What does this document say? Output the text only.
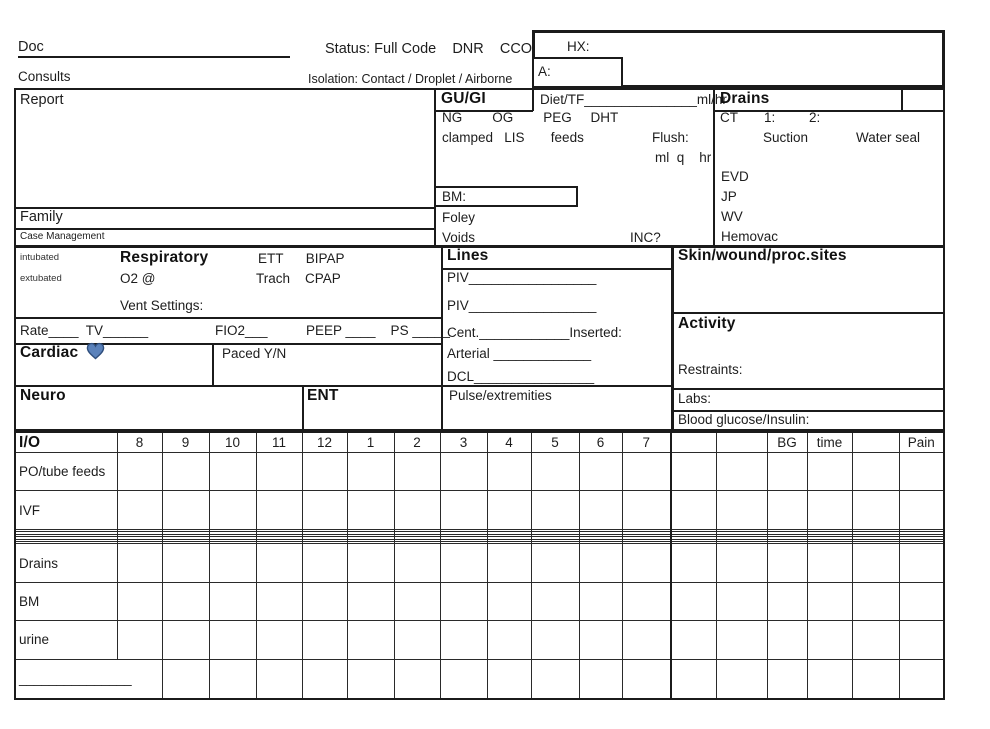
Doc	Status: Full Code    DNR    CCO
Consults	Isolation: Contact / Droplet / Airborne
HX:
A:
Report
Family
Case Management
GU/GI	Diet/TF_______________ml/hr
NG        OG        PEG     DHT
clamped   LIS       feeds	Flush:
ml  q    hr
BM:
Foley
Voids	INC?
Drains
CT       1:         2:
Suction	Water seal
EVD
JP
WV
Hemovac
intubated
extubated
Respiratory	ETT      BIPAP
O2 @	Trach    CPAP
Vent Settings:
Rate____  TV______	FIO2___	PEEP ____    PS _____
Cardiac	Paced Y/N
Neuro	ENT	Pulse/extremities
Lines
PIV_________________
PIV_________________
Cent.____________Inserted:
Arterial _____________
DCL________________
Skin/wound/proc.sites
Activity
Restraints:
Labs:
Blood glucose/Insulin:
I/O	8	9	10	11	12	1	2	3	4	5	6	7			BG	time		Pain
PO/tube feeds																		
IVF																		

Drains																		
BM																		
urine																		
_______________																		
